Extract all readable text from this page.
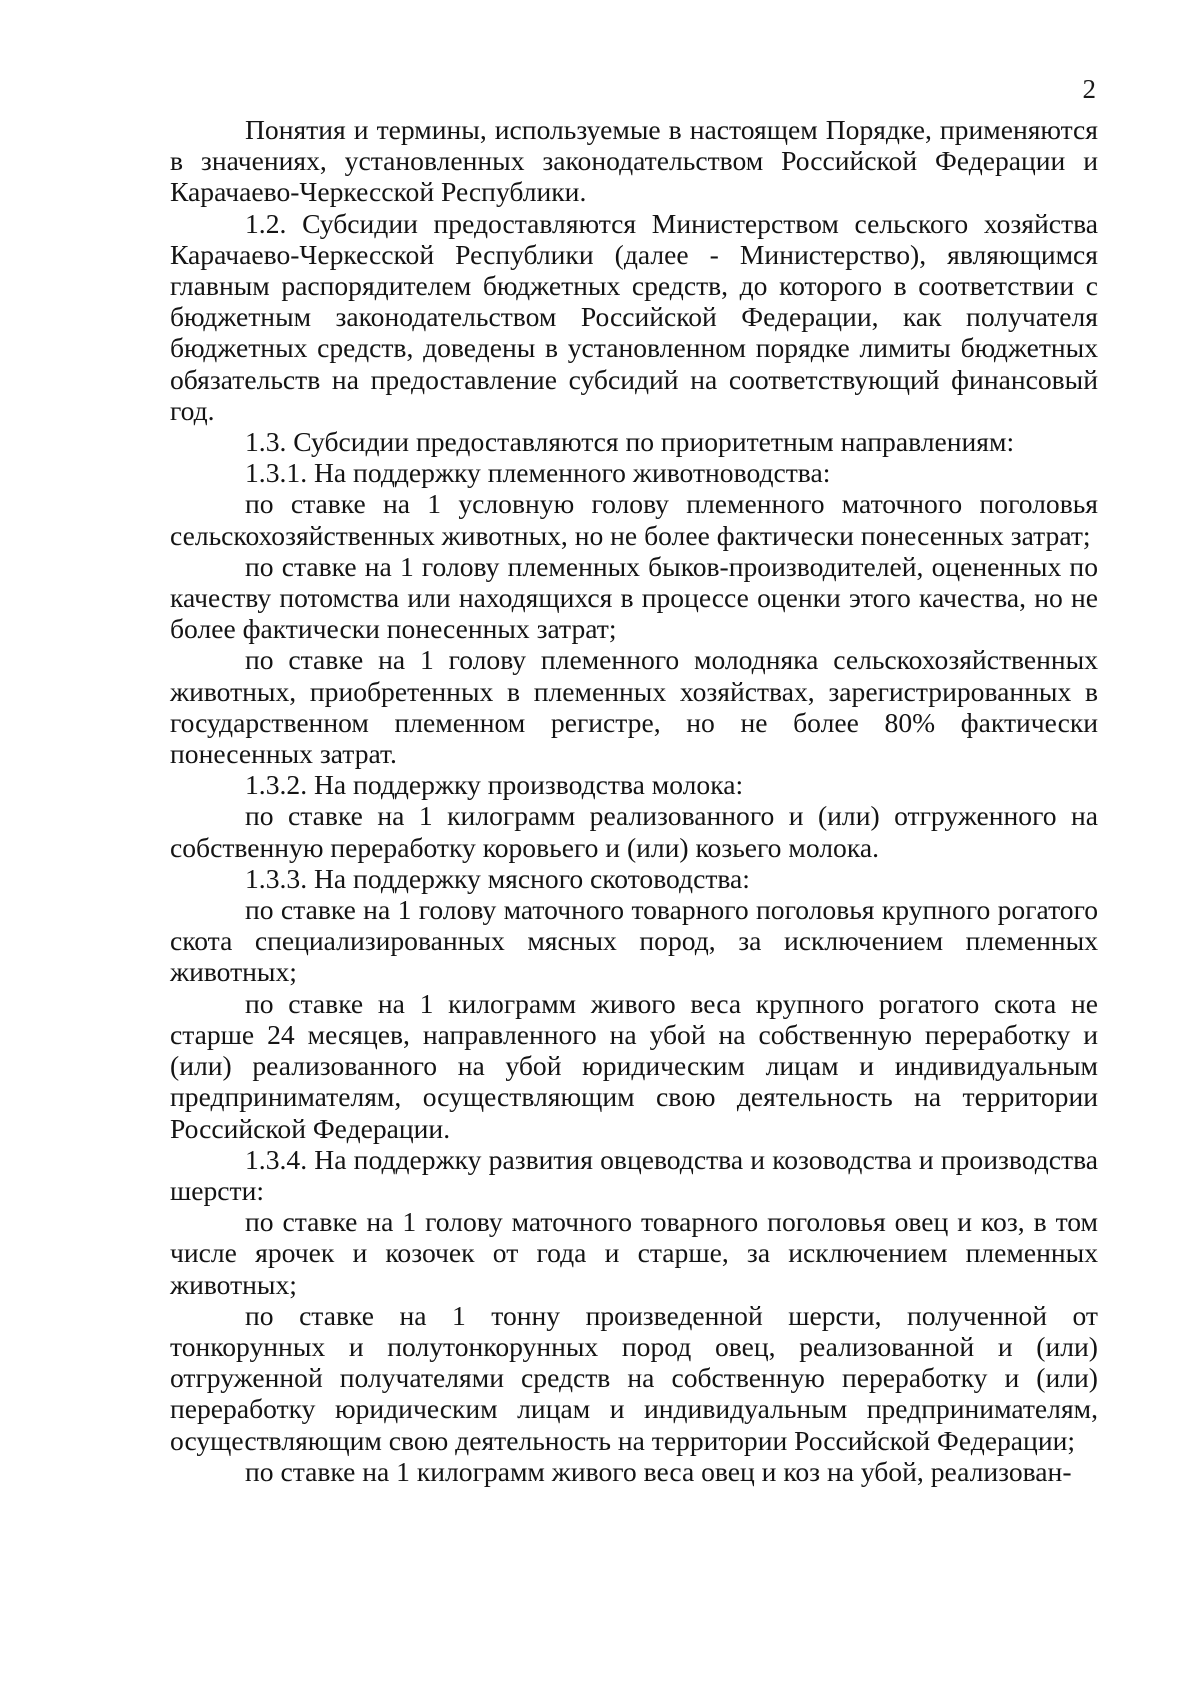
2

Понятия и термины, используемые в настоящем Порядке, применяются в значениях, установленных законодательством Российской Федерации и Карачаево-Черкесской Республики.

1.2. Субсидии предоставляются Министерством сельского хозяйства Карачаево-Черкесской Республики (далее - Министерство), являющимся главным распорядителем бюджетных средств, до которого в соответствии с бюджетным законодательством Российской Федерации, как получателя бюджетных средств, доведены в установленном порядке лимиты бюджетных обязательств на предоставление субсидий на соответствующий финансовый год.

1.3. Субсидии предоставляются по приоритетным направлениям:

1.3.1. На поддержку племенного животноводства:

по ставке на 1 условную голову племенного маточного поголовья сельскохозяйственных животных, но не более фактически понесенных затрат;

по ставке на 1 голову племенных быков-производителей, оцененных по качеству потомства или находящихся в процессе оценки этого качества, но не более фактически понесенных затрат;

по ставке на 1 голову племенного молодняка сельскохозяйственных животных, приобретенных в племенных хозяйствах, зарегистрированных в государственном племенном регистре, но не более 80% фактически понесенных затрат.

1.3.2. На поддержку производства молока:

по ставке на 1 килограмм реализованного и (или) отгруженного на собственную переработку коровьего и (или) козьего молока.

1.3.3. На поддержку мясного скотоводства:

по ставке на 1 голову маточного товарного поголовья крупного рогатого скота специализированных мясных пород, за исключением племенных животных;

по ставке на 1 килограмм живого веса крупного рогатого скота не старше 24 месяцев, направленного на убой на собственную переработку и (или) реализованного на убой юридическим лицам и индивидуальным предпринимателям, осуществляющим свою деятельность на территории Российской Федерации.

1.3.4. На поддержку развития овцеводства и козоводства и производства шерсти:

по ставке на 1 голову маточного товарного поголовья овец и коз, в том числе ярочек и козочек от года и старше, за исключением племенных животных;

по ставке на 1 тонну произведенной шерсти, полученной от тонкорунных и полутонкорунных пород овец, реализованной и (или) отгруженной получателями средств на собственную переработку и (или) переработку юридическим лицам и индивидуальным предпринимателям, осуществляющим свою деятельность на территории Российской Федерации;

по ставке на 1 килограмм живого веса овец и коз на убой, реализован-
